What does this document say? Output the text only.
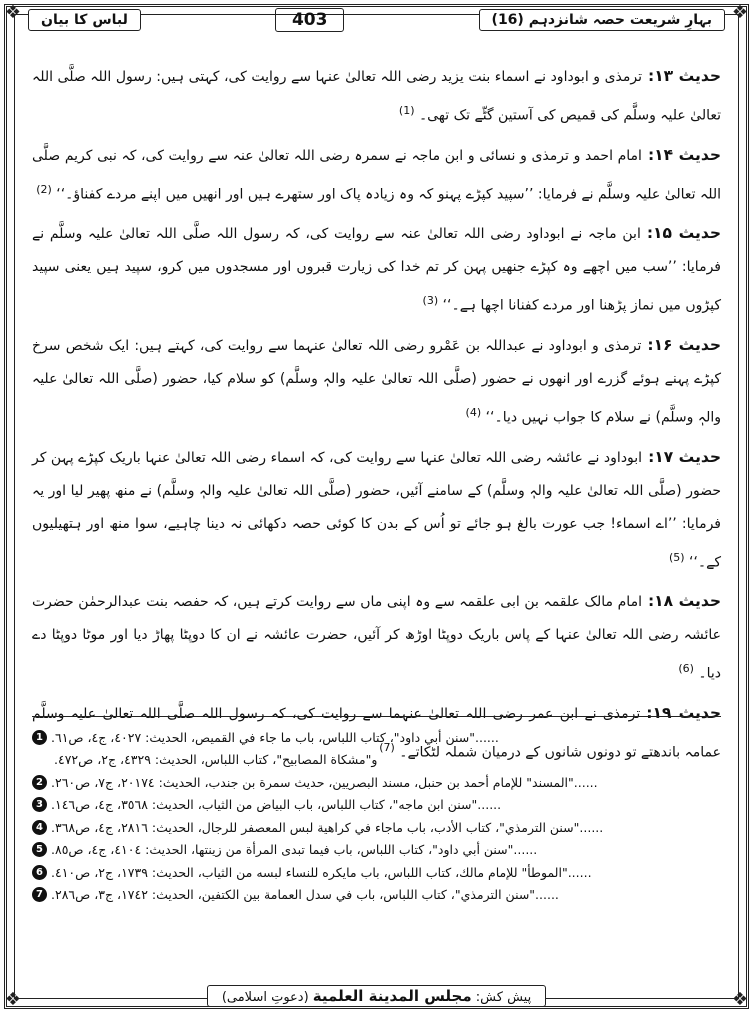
❖	❖
❖	❖
بہارِ شریعت حصہ شانزدہم (16)
403
لباس کا بیان

حدیث ۱۳:ترمذی و ابوداود نے اسماء بنت یزید رضی اللہ تعالیٰ عنہا سے روایت کی، کہتی ہیں: رسول اللہ صلَّی اللہ تعالیٰ علیہ وسلَّم کی قمیص کی آستین گٹّے تک تھی۔ $^{(1)}$

حدیث ۱۴:امام احمد و ترمذی و نسائی و ابن ماجہ نے سمرہ رضی اللہ تعالیٰ عنہ سے روایت کی، کہ نبی کریم صلَّی اللہ تعالیٰ علیہ وسلَّم نے فرمایا: ’’سپید کپڑے پہنو کہ وہ زیادہ پاک اور ستھرے ہیں اور انھیں میں اپنے مردے کفناؤ۔‘‘ $^{(2)}$

حدیث ۱۵:ابن ماجہ نے ابوداود رضی اللہ تعالیٰ عنہ سے روایت کی، کہ رسول اللہ صلَّی اللہ تعالیٰ علیہ وسلَّم نے فرمایا: ’’سب میں اچھے وہ کپڑے جنھیں پہن کر تم خدا کی زیارت قبروں اور مسجدوں میں کرو، سپید ہیں یعنی سپید کپڑوں میں نماز پڑھنا اور مردے کفنانا اچھا ہے۔‘‘ $^{(3)}$

حدیث ۱۶:ترمذی و ابوداود نے عبداللہ بن عَمْرو رضی اللہ تعالیٰ عنہما سے روایت کی، کہتے ہیں: ایک شخص سرخ کپڑے پہنے ہوئے گزرے اور انھوں نے حضور (صلَّی اللہ تعالیٰ علیہ والہٖ وسلَّم) کو سلام کیا، حضور (صلَّی اللہ تعالیٰ علیہ والہٖ وسلَّم) نے سلام کا جواب نہیں دیا۔‘‘ $^{(4)}$

حدیث ۱۷:ابوداود نے عائشہ رضی اللہ تعالیٰ عنہا سے روایت کی، کہ اسماء رضی اللہ تعالیٰ عنہا باریک کپڑے پہن کر حضور (صلَّی اللہ تعالیٰ علیہ والہٖ وسلَّم) کے سامنے آئیں، حضور (صلَّی اللہ تعالیٰ علیہ والہٖ وسلَّم) نے منھ پھیر لیا اور یہ فرمایا: ’’اے اسماء! جب عورت بالغ ہو جائے تو اُس کے بدن کا کوئی حصہ دکھائی نہ دینا چاہیے، سوا منھ اور ہتھیلیوں کے۔‘‘ $^{(5)}$

حدیث ۱۸:امام مالک علقمہ بن ابی علقمہ سے وہ اپنی ماں سے روایت کرتے ہیں، کہ حفصہ بنت عبدالرحمٰن حضرت عائشہ رضی اللہ تعالیٰ عنہا کے پاس باریک دوپٹا اوڑھ کر آئیں، حضرت عائشہ نے ان کا دوپٹا پھاڑ دیا اور موٹا دوپٹا دے دیا۔ $^{(6)}$

حدیث ۱۹:ترمذی نے ابن عمر رضی اللہ تعالیٰ عنہما سے روایت کی، کہ رسول اللہ صلَّی اللہ تعالیٰ علیہ وسلَّم عمامہ باندھتے تو دونوں شانوں کے درمیان شملہ لٹکاتے۔ $^{(7)}$

1 ......"سنن أبي داود"، كتاب اللباس، باب ما جاء في القميص، الحديث: ٤٠٢٧، ج٤، ص٦١.
و"مشكاة المصابيح"، كتاب اللباس، الحديث: ٤٣٢٩، ج٢، ص٤٧٢.
2 ......"المسند" للإمام أحمد بن حنبل، مسند البصريين، حديث سمرة بن جندب، الحديث: ٢٠١٧٤، ج٧، ص٢٦٠.
3 ......"سنن ابن ماجه"، كتاب اللباس، باب البياض من الثياب، الحديث: ٣٥٦٨، ج٤، ص١٤٦.
4 ......"سنن الترمذي"، كتاب الأدب، باب ماجاء في كراهية لبس المعصفر للرجال، الحديث: ٢٨١٦، ج٤، ص٣٦٨.
5 ......"سنن أبي داود"، كتاب اللباس، باب فيما تبدى المرأة من زينتها، الحديث: ٤١٠٤، ج٤، ص٨٥.
6 ......"الموطأ" للإمام مالك، كتاب اللباس، باب مايكره للنساء لبسه من الثياب، الحديث: ١٧٣٩، ج٢، ص٤١٠.
7 ......"سنن الترمذي"، كتاب اللباس، باب في سدل العمامة بين الكتفين، الحديث: ١٧٤٢، ج٣، ص٢٨٦.
پیش کش: مجلس المدينة العلمية (دعوتِ اسلامی)
